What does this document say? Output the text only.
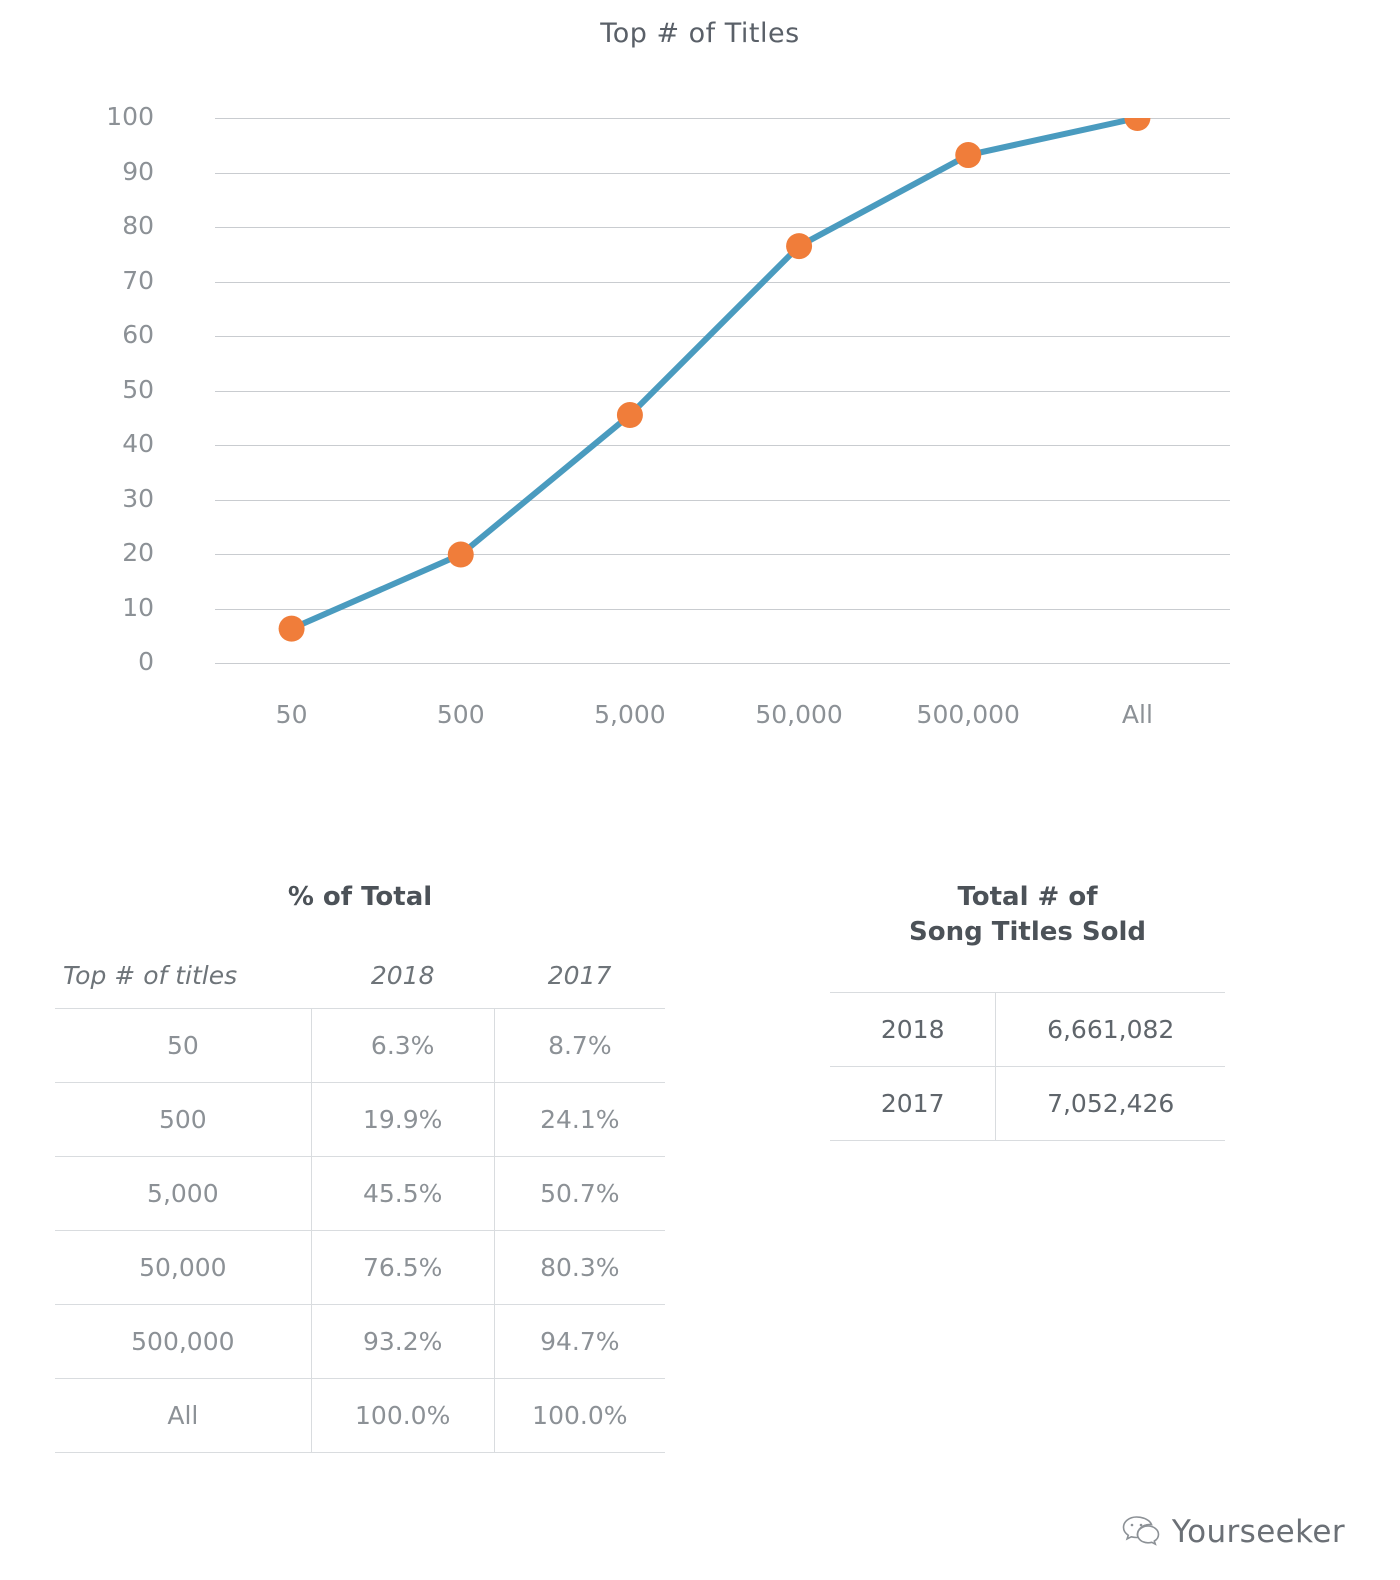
Top # of Titles
50	500	5,000	50,000	500,000	All
0
10
20
30
40
50
60
70
80
90
100
% of Total
Top # of titles	2018	2017
50	6.3%	8.7%
500	19.9%	24.1%
5,000	45.5%	50.7%
50,000	76.5%	80.3%
500,000	93.2%	94.7%
All	100.0%	100.0%
Total # of
Song Titles Sold
2018	6,661,082
2017	7,052,426
Yourseeker
